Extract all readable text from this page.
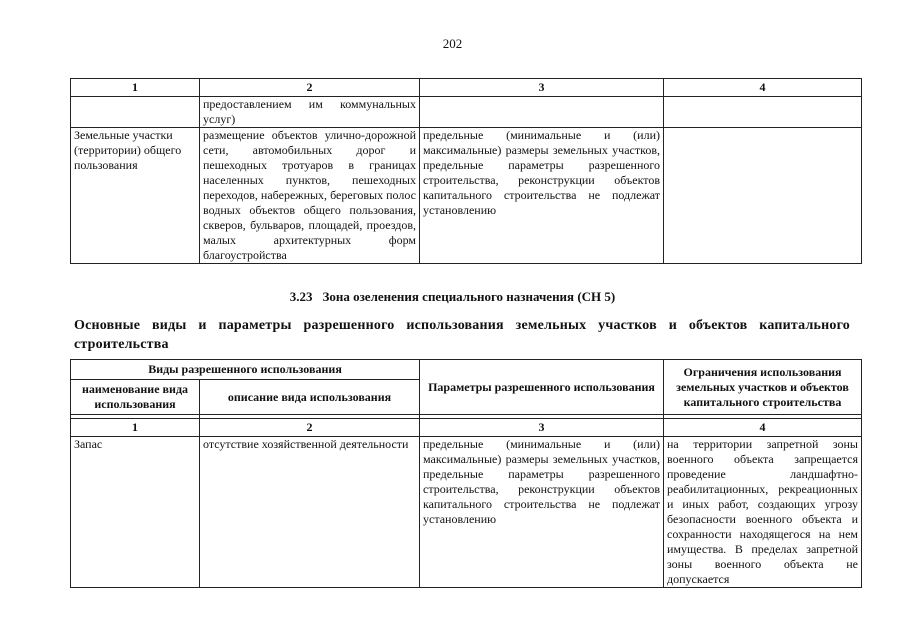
202
1	2	3	4
	предоставлением им коммунальных услуг)		
Земельные участки (территории) общего пользования	размещение объектов улично-дорожной сети, автомобильных дорог и пешеходных тротуаров в границах населенных пунктов, пешеходных переходов, набережных, береговых полос водных объектов общего пользования, скверов, бульваров, площадей, проездов, малых архитектурных форм благоустройства	предельные (минимальные и (или) максимальные) размеры земельных участков, предельные параметры разрешенного строительства, реконструкции объектов капитального строительства не подлежат установлению	
3.23 Зона озеленения специального назначения (СН 5)
Основные виды и параметры разрешенного использования земельных участков и объектов капитального строительства
Виды разрешенного использования		Параметры разрешенного использования	Ограничения использования земельных участков и объектов капитального строительства
наименование вида использования	описание вида использования		

1	2	3	4
Запас	отсутствие хозяйственной деятельности	предельные (минимальные и (или) максимальные) размеры земельных участков, предельные параметры разрешенного строительства, реконструкции объектов капитального строительства не подлежат установлению	на территории запретной зоны военного объекта запрещается проведение ландшафтно-реабилитационных, рекреационных и иных работ, создающих угрозу безопасности военного объекта и сохранности находящегося на нем имущества. В пределах запретной зоны военного объекта не допускается
